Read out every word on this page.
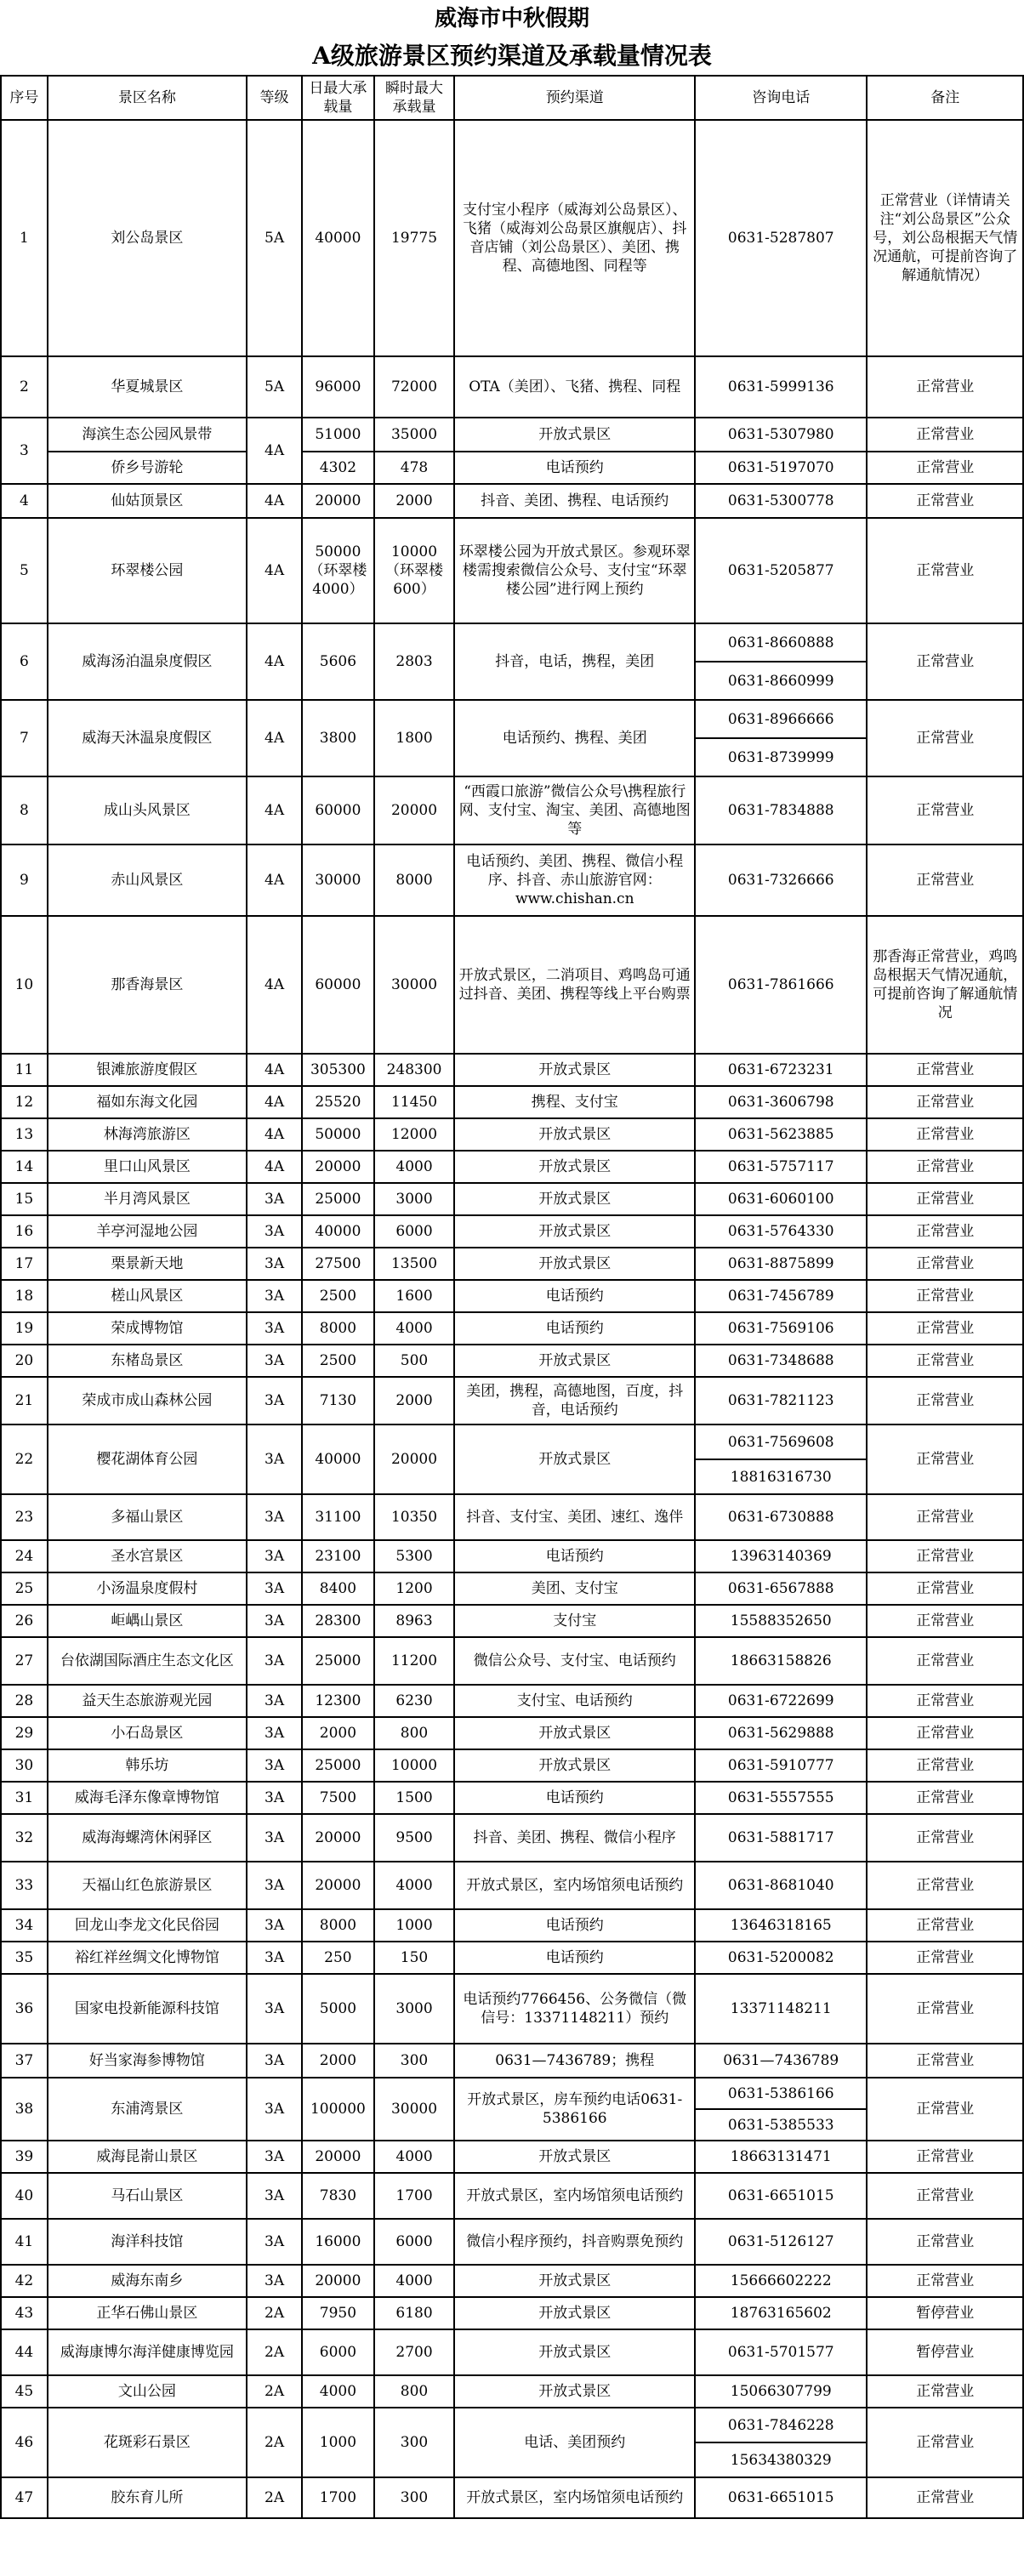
威海市中秋假期
A级旅游景区预约渠道及承载量情况表
序号	景区名称	等级	日最大承载量	瞬时最大承载量	预约渠道	咨询电话	备注
1	刘公岛景区	5A	40000	19775	支付宝小程序（威海刘公岛景区）、飞猪（威海刘公岛景区旗舰店）、抖音店铺（刘公岛景区）、美团、携程、高德地图、同程等	0631-5287807	正常营业（详情请关注“刘公岛景区”公众号，刘公岛根据天气情况通航，可提前咨询了解通航情况）
2	华夏城景区	5A	96000	72000	OTA（美团）、飞猪、携程、同程	0631-5999136	正常营业
3	海滨生态公园风景带	4A	51000	35000	开放式景区	0631-5307980	正常营业
	侨乡号游轮		4302	478	电话预约	0631-5197070	正常营业
4	仙姑顶景区	4A	20000	2000	抖音、美团、携程、电话预约	0631-5300778	正常营业
5	环翠楼公园	4A	50000（环翠楼4000）	10000（环翠楼600）	环翠楼公园为开放式景区。参观环翠楼需搜索微信公众号、支付宝“环翠楼公园”进行网上预约	0631-5205877	正常营业
6	威海汤泊温泉度假区	4A	5606	2803	抖音，电话，携程，美团	0631-8660888	正常营业
						0631-8660999	
7	威海天沐温泉度假区	4A	3800	1800	电话预约、携程、美团	0631-8966666	正常营业
						0631-8739999	
8	成山头风景区	4A	60000	20000	“西霞口旅游”微信公众号\携程旅行网、支付宝、淘宝、美团、高德地图等	0631-7834888	正常营业
9	赤山风景区	4A	30000	8000	电话预约、美团、携程、微信小程序、抖音、赤山旅游官网：www.chishan.cn	0631-7326666	正常营业
10	那香海景区	4A	60000	30000	开放式景区，二消项目、鸡鸣岛可通过抖音、美团、携程等线上平台购票	0631-7861666	那香海正常营业，鸡鸣岛根据天气情况通航，可提前咨询了解通航情况
11	银滩旅游度假区	4A	305300	248300	开放式景区	0631-6723231	正常营业
12	福如东海文化园	4A	25520	11450	携程、支付宝	0631-3606798	正常营业
13	林海湾旅游区	4A	50000	12000	开放式景区	0631-5623885	正常营业
14	里口山风景区	4A	20000	4000	开放式景区	0631-5757117	正常营业
15	半月湾风景区	3A	25000	3000	开放式景区	0631-6060100	正常营业
16	羊亭河湿地公园	3A	40000	6000	开放式景区	0631-5764330	正常营业
17	栗景新天地	3A	27500	13500	开放式景区	0631-8875899	正常营业
18	槎山风景区	3A	2500	1600	电话预约	0631-7456789	正常营业
19	荣成博物馆	3A	8000	4000	电话预约	0631-7569106	正常营业
20	东楮岛景区	3A	2500	500	开放式景区	0631-7348688	正常营业
21	荣成市成山森林公园	3A	7130	2000	美团，携程，高德地图，百度，抖音，电话预约	0631-7821123	正常营业
22	樱花湖体育公园	3A	40000	20000	开放式景区	0631-7569608	正常营业
						18816316730	
23	多福山景区	3A	31100	10350	抖音、支付宝、美团、速红、逸伴	0631-6730888	正常营业
24	圣水宫景区	3A	23100	5300	电话预约	13963140369	正常营业
25	小汤温泉度假村	3A	8400	1200	美团、支付宝	0631-6567888	正常营业
26	岠嵎山景区	3A	28300	8963	支付宝	15588352650	正常营业
27	台依湖国际酒庄生态文化区	3A	25000	11200	微信公众号、支付宝、电话预约	18663158826	正常营业
28	益天生态旅游观光园	3A	12300	6230	支付宝、电话预约	0631-6722699	正常营业
29	小石岛景区	3A	2000	800	开放式景区	0631-5629888	正常营业
30	韩乐坊	3A	25000	10000	开放式景区	0631-5910777	正常营业
31	威海毛泽东像章博物馆	3A	7500	1500	电话预约	0631-5557555	正常营业
32	威海海螺湾休闲驿区	3A	20000	9500	抖音、美团、携程、微信小程序	0631-5881717	正常营业
33	天福山红色旅游景区	3A	20000	4000	开放式景区，室内场馆须电话预约	0631-8681040	正常营业
34	回龙山李龙文化民俗园	3A	8000	1000	电话预约	13646318165	正常营业
35	裕红祥丝绸文化博物馆	3A	250	150	电话预约	0631-5200082	正常营业
36	国家电投新能源科技馆	3A	5000	3000	电话预约7766456、公务微信（微信号：13371148211）预约	13371148211	正常营业
37	好当家海参博物馆	3A	2000	300	0631—7436789；携程	0631—7436789	正常营业
38	东浦湾景区	3A	100000	30000	开放式景区，房车预约电话0631-5386166	0631-5386166	正常营业
						0631-5385533	
39	威海昆嵛山景区	3A	20000	4000	开放式景区	18663131471	正常营业
40	马石山景区	3A	7830	1700	开放式景区，室内场馆须电话预约	0631-6651015	正常营业
41	海洋科技馆	3A	16000	6000	微信小程序预约，抖音购票免预约	0631-5126127	正常营业
42	威海东南乡	3A	20000	4000	开放式景区	15666602222	正常营业
43	正华石佛山景区	2A	7950	6180	开放式景区	18763165602	暂停营业
44	威海康博尔海洋健康博览园	2A	6000	2700	开放式景区	0631-5701577	暂停营业
45	文山公园	2A	4000	800	开放式景区	15066307799	正常营业
46	花斑彩石景区	2A	1000	300	电话、美团预约	0631-7846228	正常营业
						15634380329	
47	胶东育儿所	2A	1700	300	开放式景区，室内场馆须电话预约	0631-6651015	正常营业
